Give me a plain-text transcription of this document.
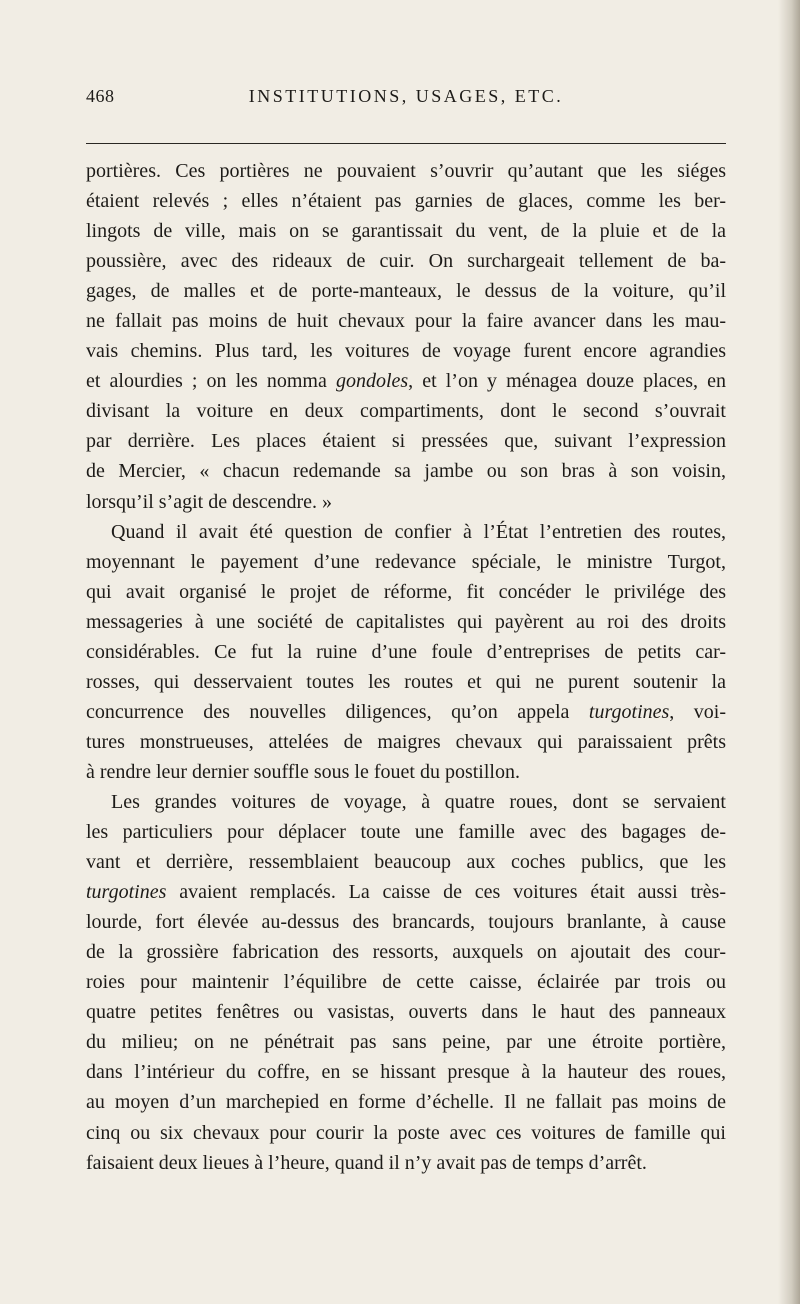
468	INSTITUTIONS, USAGES, ETC.
portières. Ces portières ne pouvaient s’ouvrir qu’autant que les siéges
étaient relevés ; elles n’étaient pas garnies de glaces, comme les ber-
lingots de ville, mais on se garantissait du vent, de la pluie et de la
poussière, avec des rideaux de cuir. On surchargeait tellement de ba-
gages, de malles et de porte-manteaux, le dessus de la voiture, qu’il
ne fallait pas moins de huit chevaux pour la faire avancer dans les mau-
vais chemins. Plus tard, les voitures de voyage furent encore agrandies
et alourdies ; on les nomma gondoles, et l’on y ménagea douze places, en
divisant la voiture en deux compartiments, dont le second s’ouvrait
par derrière. Les places étaient si pressées que, suivant l’expression
de Mercier, « chacun redemande sa jambe ou son bras à son voisin,
lorsqu’il s’agit de descendre. »
Quand il avait été question de confier à l’État l’entretien des routes,
moyennant le payement d’une redevance spéciale, le ministre Turgot,
qui avait organisé le projet de réforme, fit concéder le privilége des
messageries à une société de capitalistes qui payèrent au roi des droits
considérables. Ce fut la ruine d’une foule d’entreprises de petits car-
rosses, qui desservaient toutes les routes et qui ne purent soutenir la
concurrence des nouvelles diligences, qu’on appela turgotines, voi-
tures monstrueuses, attelées de maigres chevaux qui paraissaient prêts
à rendre leur dernier souffle sous le fouet du postillon.
Les grandes voitures de voyage, à quatre roues, dont se servaient
les particuliers pour déplacer toute une famille avec des bagages de-
vant et derrière, ressemblaient beaucoup aux coches publics, que les
turgotines avaient remplacés. La caisse de ces voitures était aussi très-
lourde, fort élevée au-dessus des brancards, toujours branlante, à cause
de la grossière fabrication des ressorts, auxquels on ajoutait des cour-
roies pour maintenir l’équilibre de cette caisse, éclairée par trois ou
quatre petites fenêtres ou vasistas, ouverts dans le haut des panneaux
du milieu; on ne pénétrait pas sans peine, par une étroite portière,
dans l’intérieur du coffre, en se hissant presque à la hauteur des roues,
au moyen d’un marchepied en forme d’échelle. Il ne fallait pas moins de
cinq ou six chevaux pour courir la poste avec ces voitures de famille qui
faisaient deux lieues à l’heure, quand il n’y avait pas de temps d’arrêt.
